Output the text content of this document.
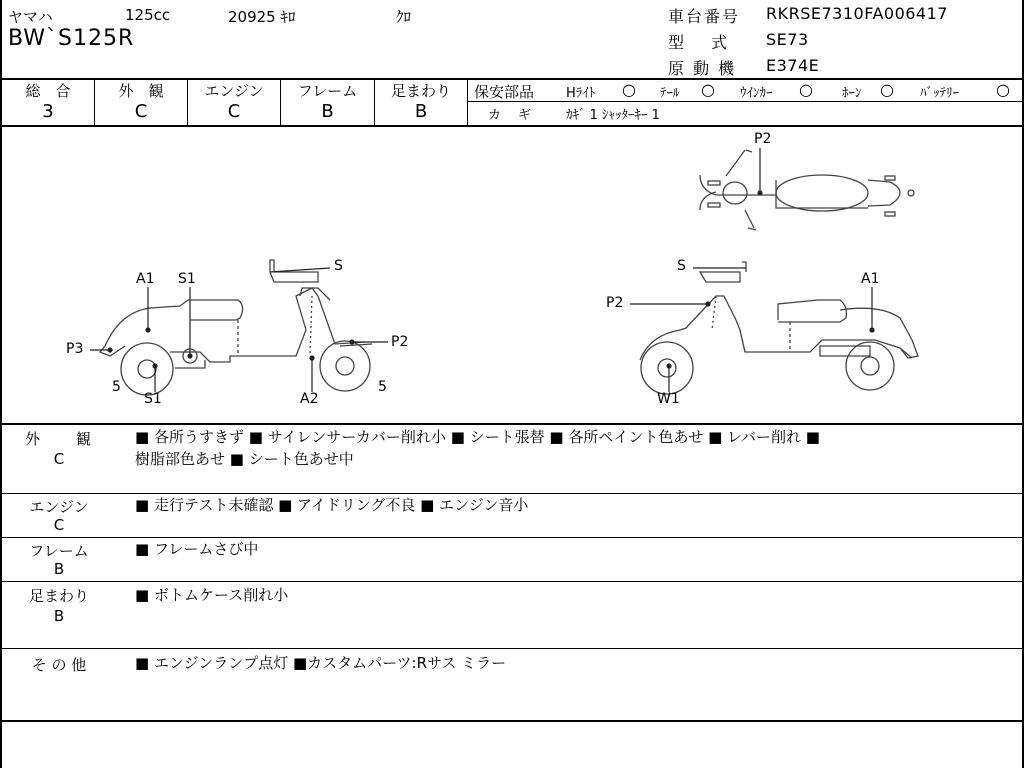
ヤマハ	125cc	20925 ｷﾛ	ｸﾛ
BW`S125R
車台番号 RKRSE7310FA006417
型　 式 SE73
原 動 機 E374E
総　合
3
外　観
C
エンジン
C
フレーム
B
足まわり
B
保安部品 Hﾗｲﾄ ○ ﾃｰﾙ ○ ｳｲﾝｶｰ ○ ﾎｰﾝ ○ ﾊﾞｯﾃﾘｰ ○
カ　ギ	ｶｷﾞ 1 ｼｬｯﾀｰｷｰ 1
P2
A1 S1
S
P3	P2
5
S1	A2
5
S
A1
P2
W1
外　　観
C
■ 各所うすきず ■ サイレンサーカバー削れ小 ■ シート張替 ■ 各所ペイント色あせ ■ レバー削れ ■
樹脂部色あせ ■ シート色あせ中
エンジン
C
■ 走行テスト未確認 ■ アイドリング不良 ■ エンジン音小
フレーム
B
■ フレームさび中
足まわり
B
■ ボトムケース削れ小
そ の 他	■ エンジンランプ点灯 ■カスタムパーツ:Rサス ミラー
